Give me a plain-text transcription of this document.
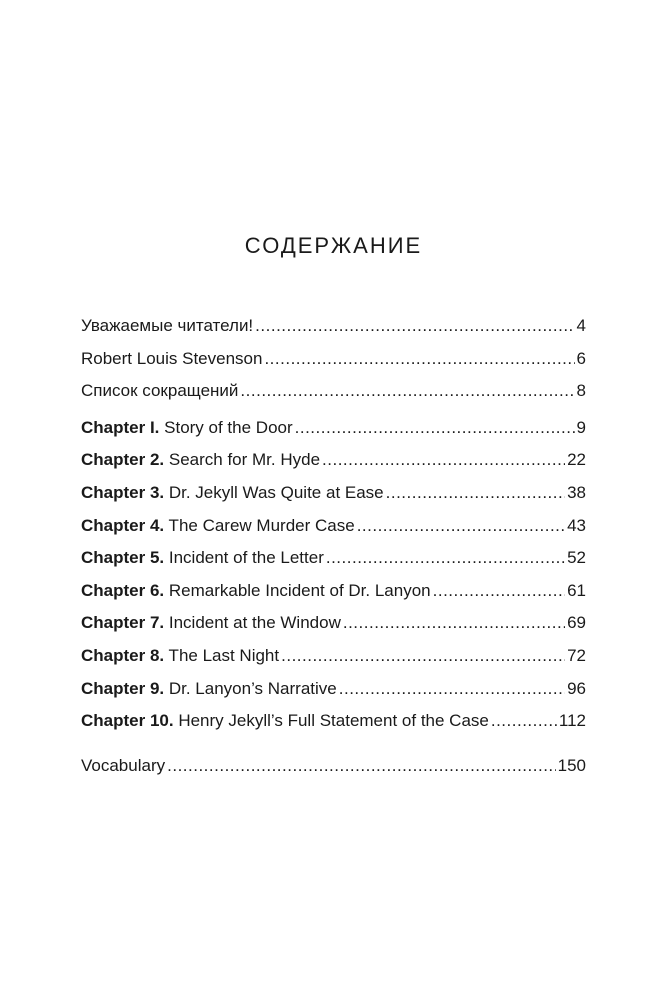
СОДЕРЖАНИЕ
Уважаемые читатели! .....	4
Robert Louis Stevenson .....	6
Список сокращений .....	8
Chapter I. Story of the Door .....	9
Chapter 2. Search for Mr. Hyde .....	22
Chapter 3. Dr. Jekyll Was Quite at Ease .....	38
Chapter 4. The Carew Murder Case .....	43
Chapter 5. Incident of the Letter .....	52
Chapter 6. Remarkable Incident of Dr. Lanyon .....	61
Chapter 7. Incident at the Window .....	69
Chapter 8. The Last Night .....	72
Chapter 9. Dr. Lanyon’s Narrative .....	96
Chapter 10. Henry Jekyll’s Full Statement of the Case .....	112
Vocabulary .....	150
